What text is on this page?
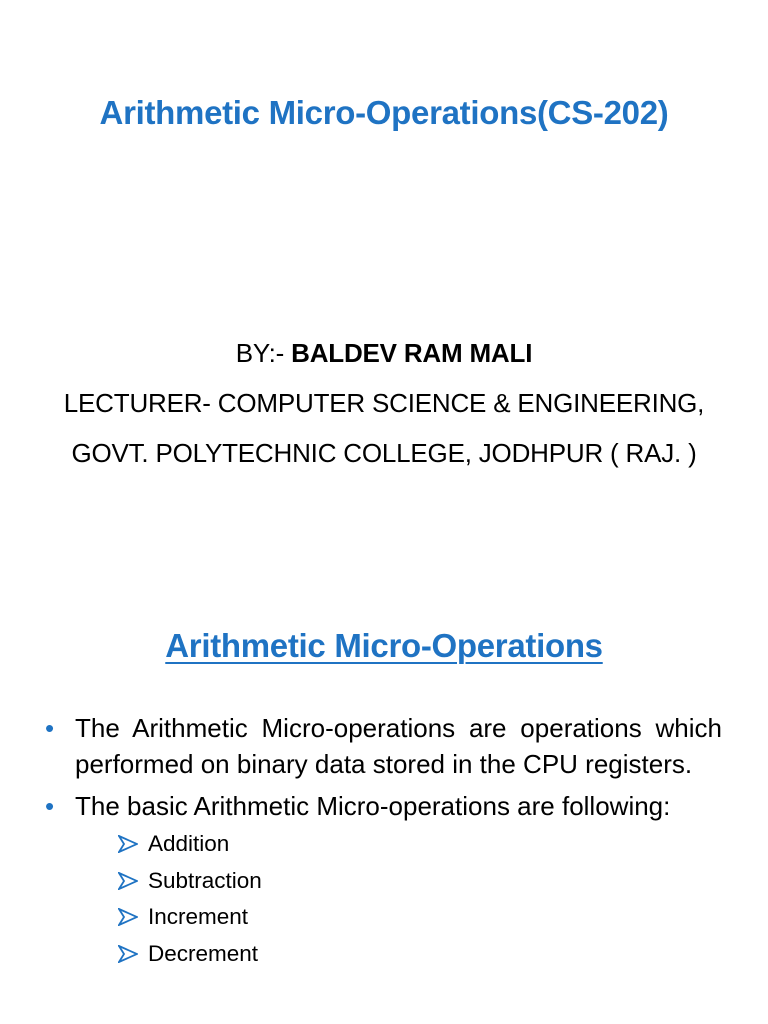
Arithmetic Micro-Operations(CS-202)
BY:- BALDEV RAM MALI
LECTURER- COMPUTER SCIENCE & ENGINEERING,
GOVT. POLYTECHNIC COLLEGE, JODHPUR ( RAJ. )
Arithmetic Micro-Operations
• The Arithmetic Micro-operations are operations which performed on binary data stored in the CPU registers.
• The basic Arithmetic Micro-operations are following:
Addition
Subtraction
Increment
Decrement
